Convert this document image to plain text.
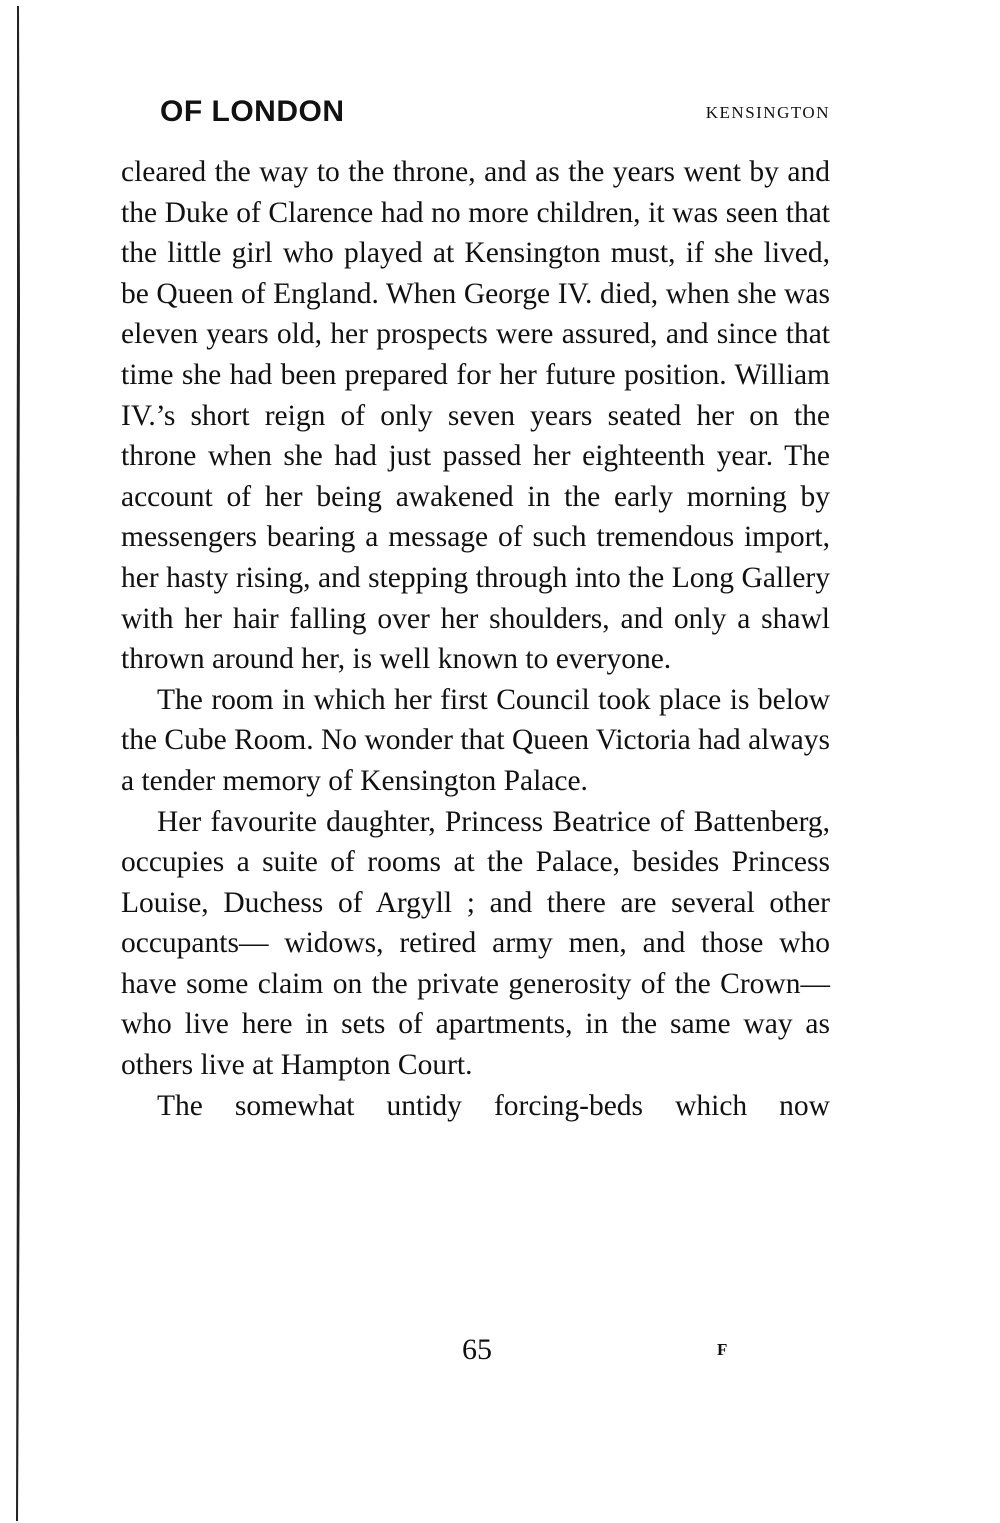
OF LONDON	KENSINGTON

cleared the way to the throne, and as the years went by and the Duke of Clarence had no more children, it was seen that the little girl who played at Kensington must, if she lived, be Queen of England. When George IV. died, when she was eleven years old, her prospects were assured, and since that time she had been prepared for her future position. William IV.’s short reign of only seven years seated her on the throne when she had just passed her eighteenth year. The account of her being awakened in the early morning by messengers bearing a message of such tremendous import, her hasty rising, and stepping through into the Long Gallery with her hair falling over her shoulders, and only a shawl thrown around her, is well known to everyone.

The room in which her first Council took place is below the Cube Room. No wonder that Queen Victoria had always a tender memory of Kensington Palace.

Her favourite daughter, Princess Beatrice of Battenberg, occupies a suite of rooms at the Palace, besides Princess Louise, Duchess of Argyll ; and there are several other occupants— widows, retired army men, and those who have some claim on the private generosity of the Crown—who live here in sets of apartments, in the same way as others live at Hampton Court.

The somewhat untidy forcing-beds which now

65	F
